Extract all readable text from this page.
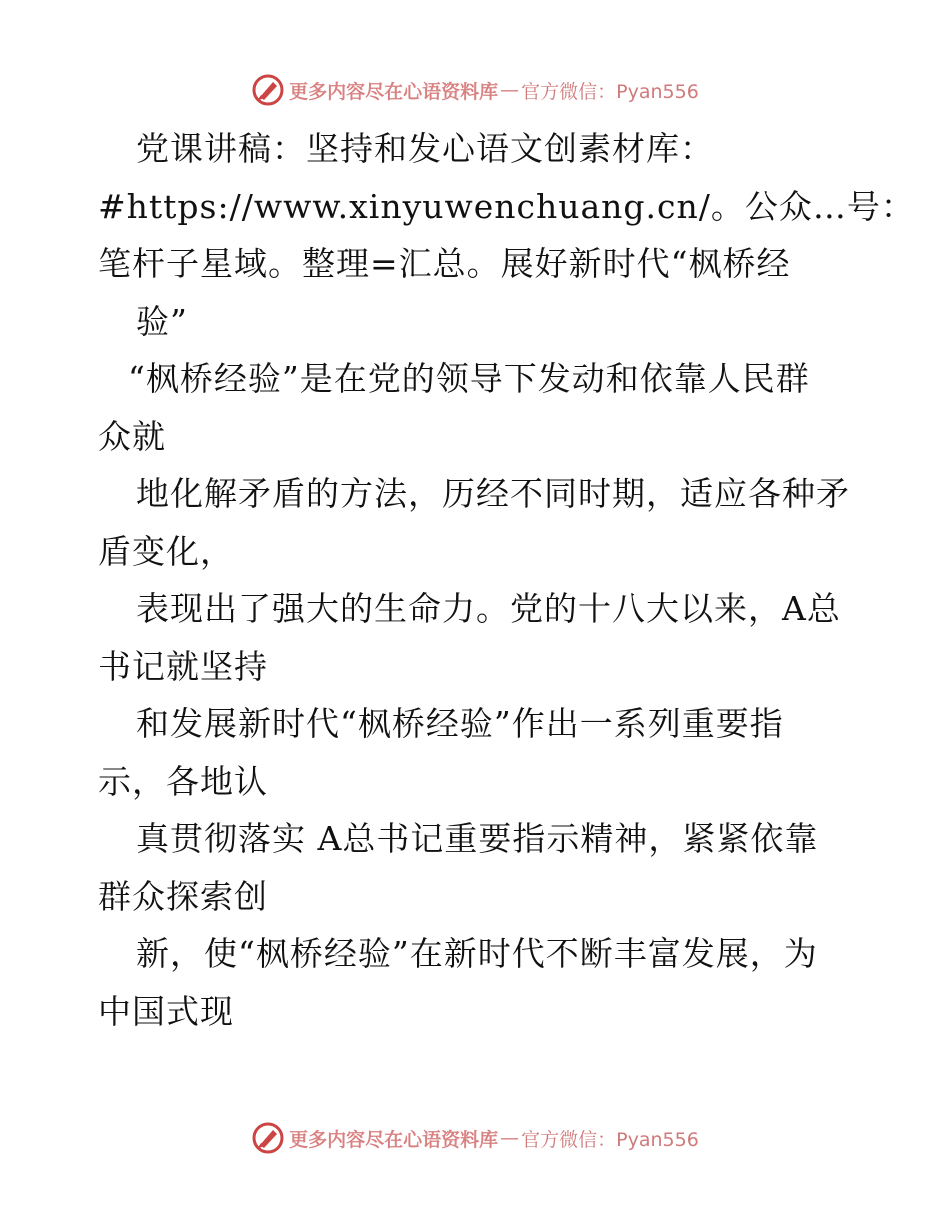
更多内容尽在心语资料库 — 官方微信：Pyan556
党课讲稿：坚持和发心语文创素材库：
#https://www.xinyuwenchuang.cn/。公众…号：
笔杆子星域。整理=汇总。展好新时代“枫桥经
验”
“枫桥经验”是在党的领导下发动和依靠人民群
众就
地化解矛盾的方法，历经不同时期，适应各种矛
盾变化，
表现出了强大的生命力。党的十八大以来，A总
书记就坚持
和发展新时代“枫桥经验”作出一系列重要指
示，各地认
真贯彻落实 A总书记重要指示精神，紧紧依靠
群众探索创
新，使“枫桥经验”在新时代不断丰富发展，为
中国式现
更多内容尽在心语资料库 — 官方微信：Pyan556
